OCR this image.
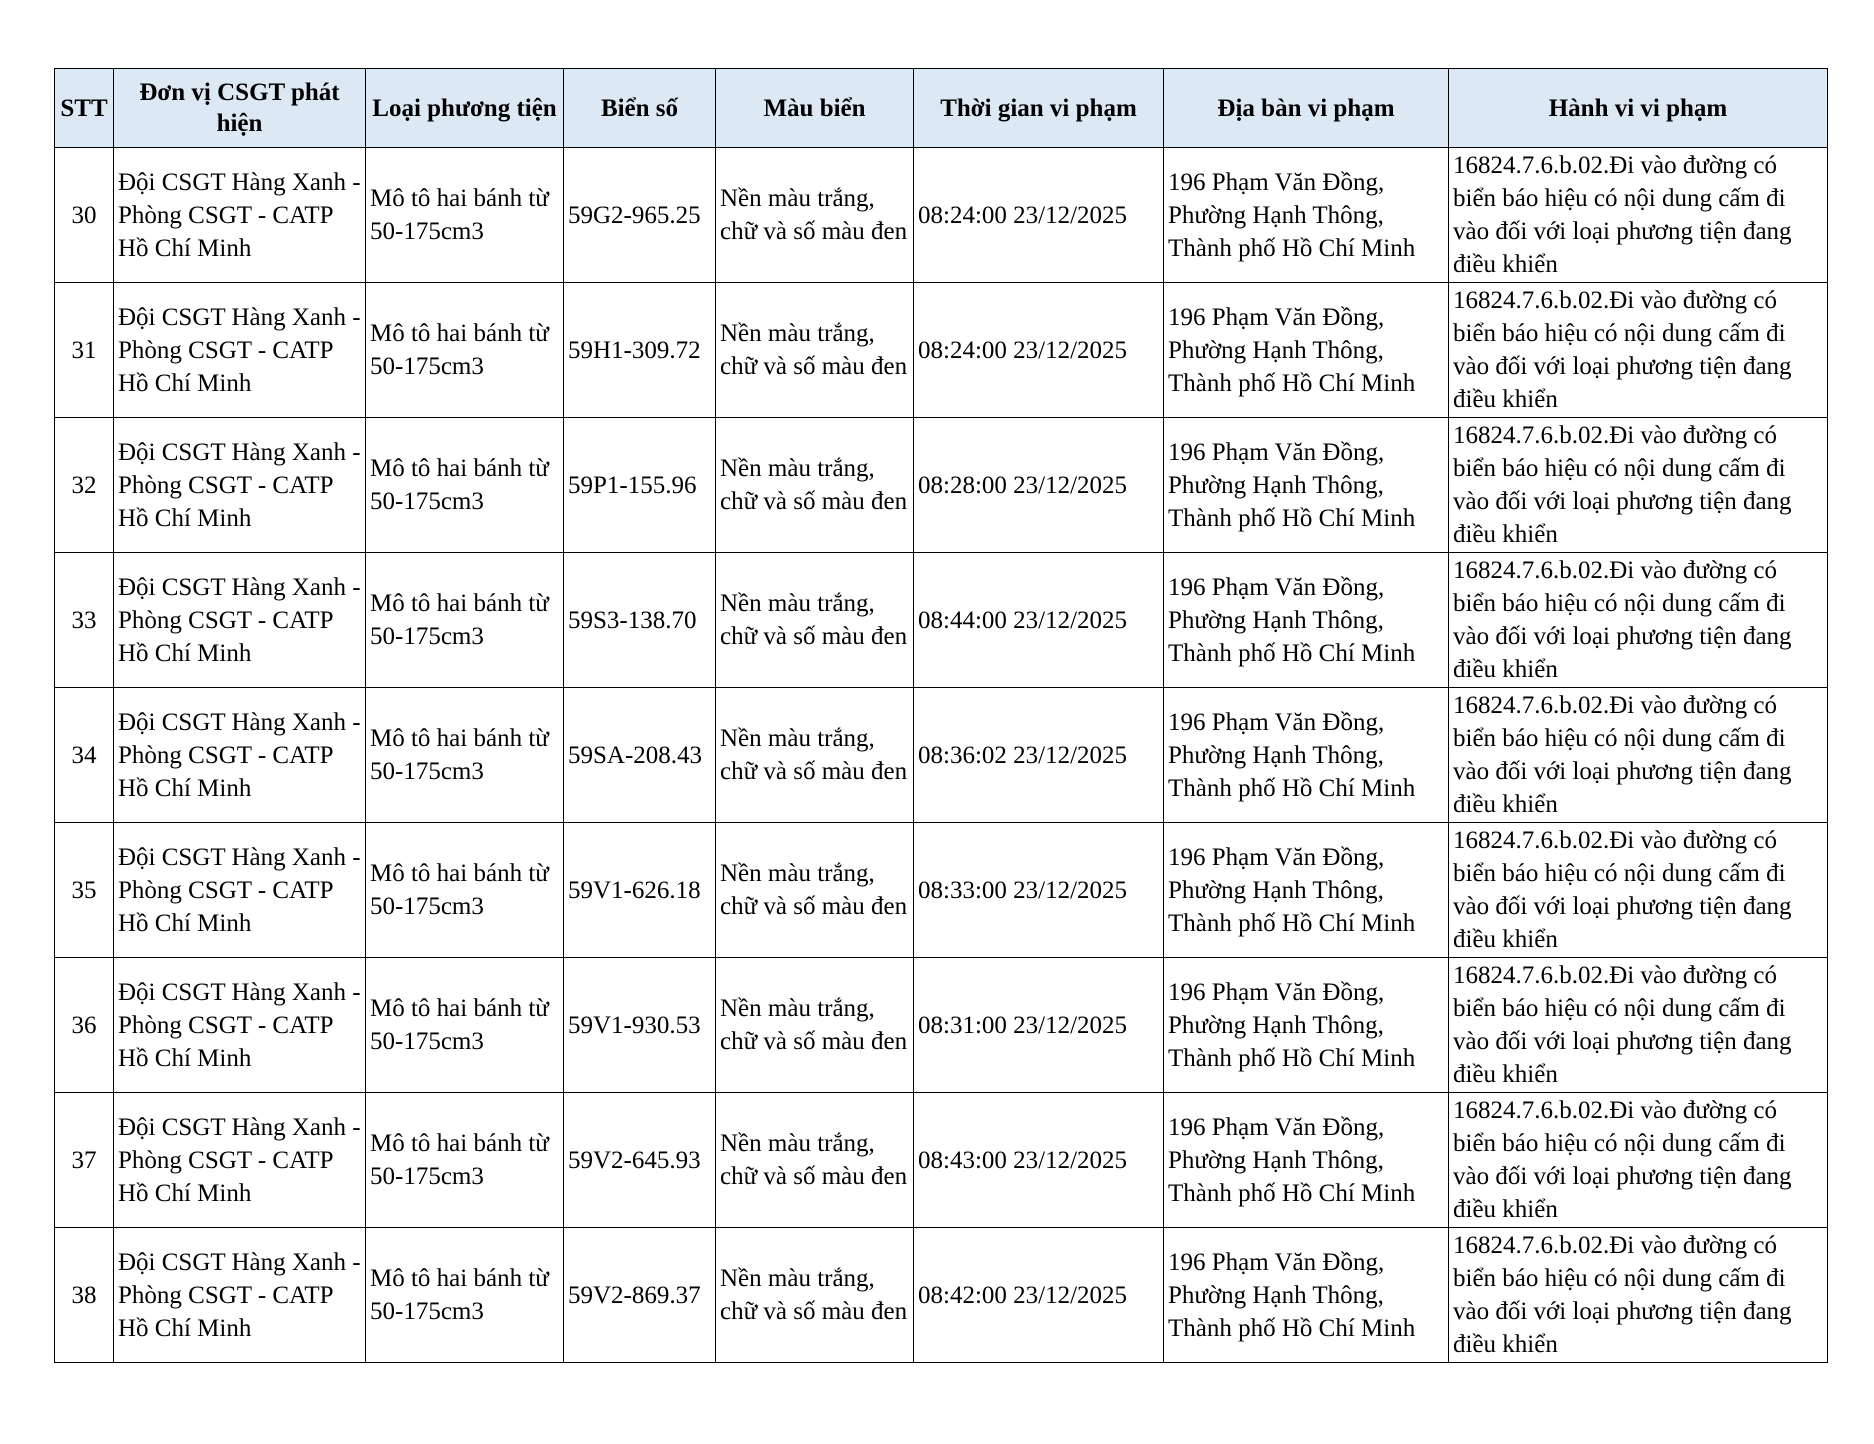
STT	Đơn vị CSGT phát hiện	Loại phương tiện	Biển số	Màu biển	Thời gian vi phạm	Địa bàn vi phạm	Hành vi vi phạm
30	Đội CSGT Hàng Xanh - Phòng CSGT - CATP Hồ Chí Minh	Mô tô hai bánh từ 50-175cm3	59G2-965.25	Nền màu trắng, chữ và số màu đen	08:24:00 23/12/2025	196 Phạm Văn Đồng, Phường Hạnh Thông, Thành phố Hồ Chí Minh	16824.7.6.b.02.Đi vào đường có biển báo hiệu có nội dung cấm đi vào đối với loại phương tiện đang điều khiển
31	Đội CSGT Hàng Xanh - Phòng CSGT - CATP Hồ Chí Minh	Mô tô hai bánh từ 50-175cm3	59H1-309.72	Nền màu trắng, chữ và số màu đen	08:24:00 23/12/2025	196 Phạm Văn Đồng, Phường Hạnh Thông, Thành phố Hồ Chí Minh	16824.7.6.b.02.Đi vào đường có biển báo hiệu có nội dung cấm đi vào đối với loại phương tiện đang điều khiển
32	Đội CSGT Hàng Xanh - Phòng CSGT - CATP Hồ Chí Minh	Mô tô hai bánh từ 50-175cm3	59P1-155.96	Nền màu trắng, chữ và số màu đen	08:28:00 23/12/2025	196 Phạm Văn Đồng, Phường Hạnh Thông, Thành phố Hồ Chí Minh	16824.7.6.b.02.Đi vào đường có biển báo hiệu có nội dung cấm đi vào đối với loại phương tiện đang điều khiển
33	Đội CSGT Hàng Xanh - Phòng CSGT - CATP Hồ Chí Minh	Mô tô hai bánh từ 50-175cm3	59S3-138.70	Nền màu trắng, chữ và số màu đen	08:44:00 23/12/2025	196 Phạm Văn Đồng, Phường Hạnh Thông, Thành phố Hồ Chí Minh	16824.7.6.b.02.Đi vào đường có biển báo hiệu có nội dung cấm đi vào đối với loại phương tiện đang điều khiển
34	Đội CSGT Hàng Xanh - Phòng CSGT - CATP Hồ Chí Minh	Mô tô hai bánh từ 50-175cm3	59SA-208.43	Nền màu trắng, chữ và số màu đen	08:36:02 23/12/2025	196 Phạm Văn Đồng, Phường Hạnh Thông, Thành phố Hồ Chí Minh	16824.7.6.b.02.Đi vào đường có biển báo hiệu có nội dung cấm đi vào đối với loại phương tiện đang điều khiển
35	Đội CSGT Hàng Xanh - Phòng CSGT - CATP Hồ Chí Minh	Mô tô hai bánh từ 50-175cm3	59V1-626.18	Nền màu trắng, chữ và số màu đen	08:33:00 23/12/2025	196 Phạm Văn Đồng, Phường Hạnh Thông, Thành phố Hồ Chí Minh	16824.7.6.b.02.Đi vào đường có biển báo hiệu có nội dung cấm đi vào đối với loại phương tiện đang điều khiển
36	Đội CSGT Hàng Xanh - Phòng CSGT - CATP Hồ Chí Minh	Mô tô hai bánh từ 50-175cm3	59V1-930.53	Nền màu trắng, chữ và số màu đen	08:31:00 23/12/2025	196 Phạm Văn Đồng, Phường Hạnh Thông, Thành phố Hồ Chí Minh	16824.7.6.b.02.Đi vào đường có biển báo hiệu có nội dung cấm đi vào đối với loại phương tiện đang điều khiển
37	Đội CSGT Hàng Xanh - Phòng CSGT - CATP Hồ Chí Minh	Mô tô hai bánh từ 50-175cm3	59V2-645.93	Nền màu trắng, chữ và số màu đen	08:43:00 23/12/2025	196 Phạm Văn Đồng, Phường Hạnh Thông, Thành phố Hồ Chí Minh	16824.7.6.b.02.Đi vào đường có biển báo hiệu có nội dung cấm đi vào đối với loại phương tiện đang điều khiển
38	Đội CSGT Hàng Xanh - Phòng CSGT - CATP Hồ Chí Minh	Mô tô hai bánh từ 50-175cm3	59V2-869.37	Nền màu trắng, chữ và số màu đen	08:42:00 23/12/2025	196 Phạm Văn Đồng, Phường Hạnh Thông, Thành phố Hồ Chí Minh	16824.7.6.b.02.Đi vào đường có biển báo hiệu có nội dung cấm đi vào đối với loại phương tiện đang điều khiển
